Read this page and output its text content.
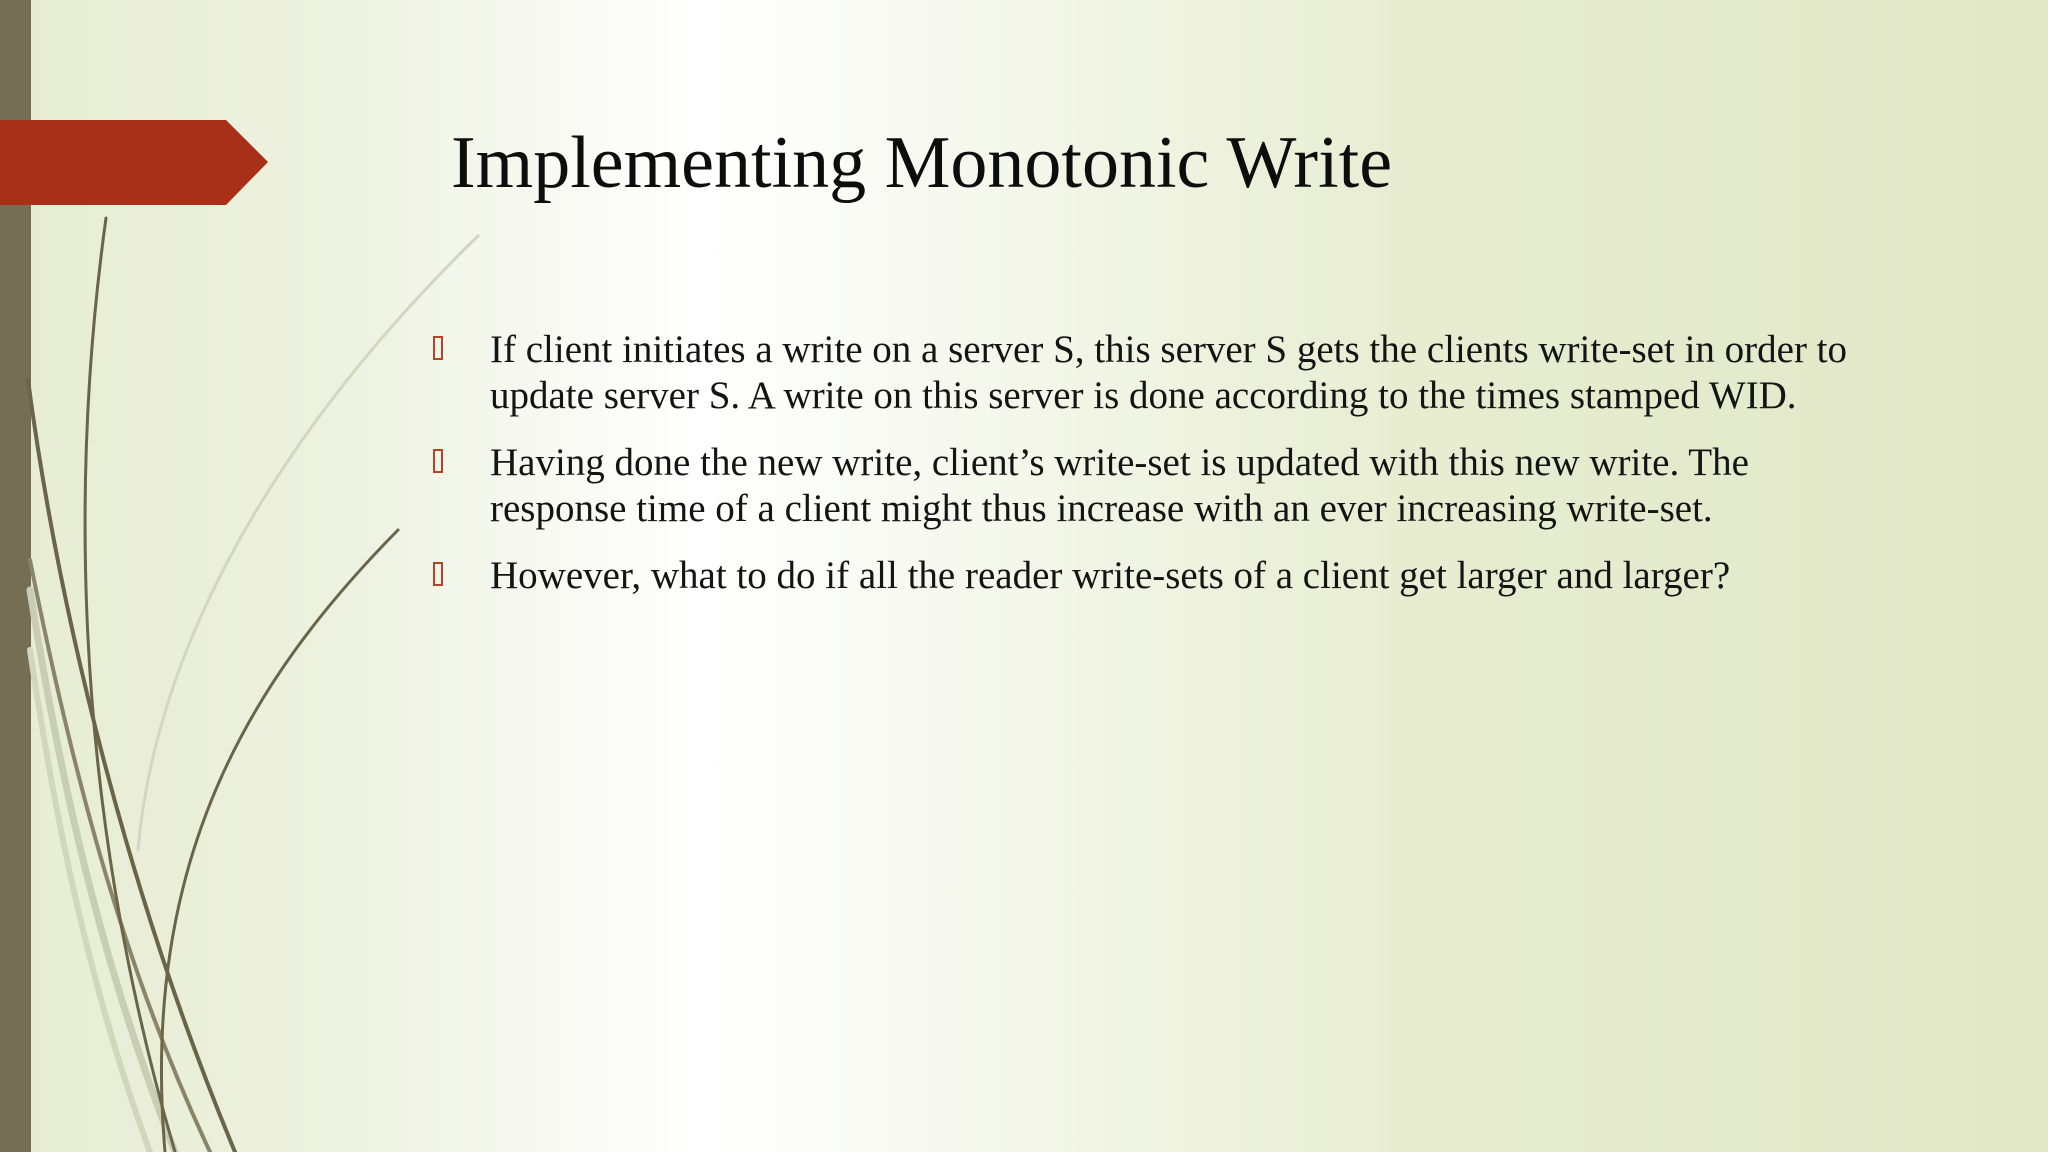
Implementing Monotonic Write
If client initiates a write on a server S, this server S gets the clients write-set in order to update server S. A write on this server is done according to the times stamped WID.
Having done the new write, client’s write-set is updated with this new write. The response time of a client might thus increase with an ever increasing write-set.
However, what to do if all the reader write-sets of a client get larger and larger?
